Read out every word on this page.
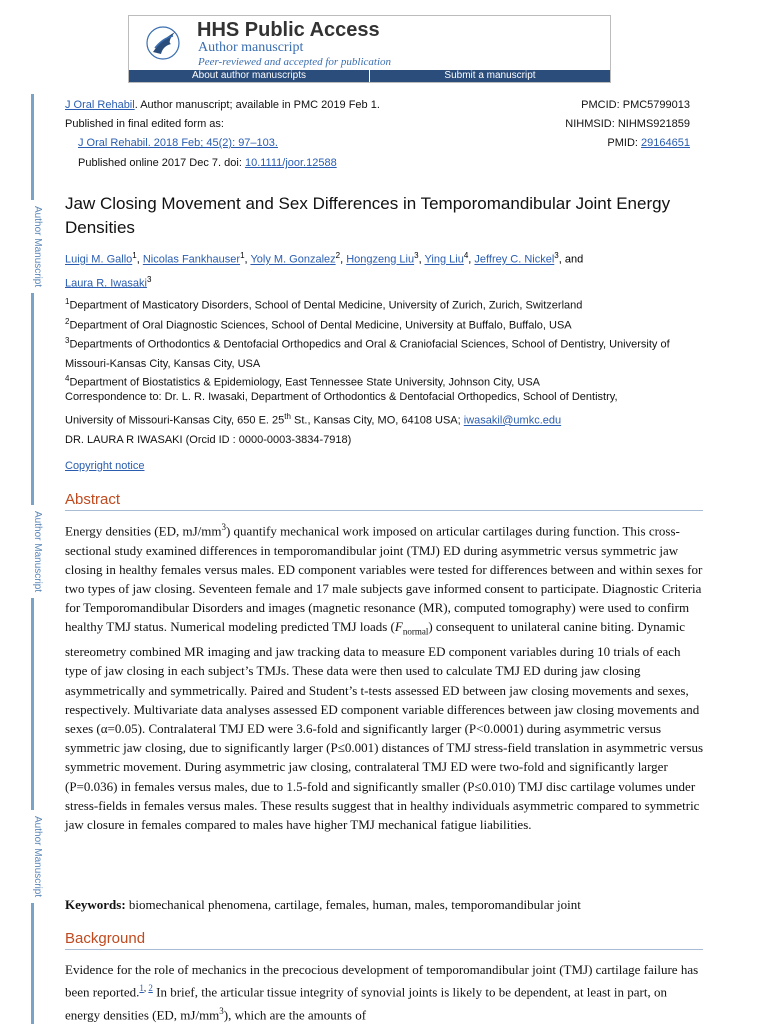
Author Manuscript
Author Manuscript
Author Manuscript
HHS Public Access
Author manuscript
Peer-reviewed and accepted for publication
About author manuscripts	Submit a manuscript
J Oral Rehabil. Author manuscript; available in PMC 2019 Feb 1.
Published in final edited form as:
J Oral Rehabil. 2018 Feb; 45(2): 97–103.
Published online 2017 Dec 7. doi: 10.1111/joor.12588
PMCID: PMC5799013
NIHMSID: NIHMS921859
PMID: 29164651
Jaw Closing Movement and Sex Differences in Temporomandibular Joint Energy Densities
Luigi M. Gallo$^1$, Nicolas Fankhauser$^1$, Yoly M. Gonzalez$^2$, Hongzeng Liu$^3$, Ying Liu$^4$, Jeffrey C. Nickel$^3$, and
Laura R. Iwasaki$^3$
$^1$Department of Masticatory Disorders, School of Dental Medicine, University of Zurich, Zurich, Switzerland
$^2$Department of Oral Diagnostic Sciences, School of Dental Medicine, University at Buffalo, Buffalo, USA
$^3$Departments of Orthodontics & Dentofacial Orthopedics and Oral & Craniofacial Sciences, School of Dentistry, University of Missouri-Kansas City, Kansas City, USA
$^4$Department of Biostatistics & Epidemiology, East Tennessee State University, Johnson City, USA
Correspondence to: Dr. L. R. Iwasaki, Department of Orthodontics & Dentofacial Orthopedics, School of Dentistry,
University of Missouri-Kansas City, 650 E. 25th St., Kansas City, MO, 64108 USA; iwasakil@umkc.edu
DR. LAURA R IWASAKI (Orcid ID : 0000-0003-3834-7918)
Copyright notice
Abstract
Energy densities (ED, $mJ/mm^3$) quantify mechanical work imposed on articular cartilages during function. This cross-sectional study examined differences in temporomandibular joint (TMJ) ED during asymmetric versus symmetric jaw closing in healthy females versus males. ED component variables were tested for differences between and within sexes for two types of jaw closing. Seventeen female and 17 male subjects gave informed consent to participate. Diagnostic Criteria for Temporomandibular Disorders and images (magnetic resonance (MR), computed tomography) were used to confirm healthy TMJ status. Numerical modeling predicted TMJ loads $(F_{normal})$ consequent to unilateral canine biting. Dynamic stereometry combined MR imaging and jaw tracking data to measure ED component variables during 10 trials of each type of jaw closing in each subject’s TMJs. These data were then used to calculate TMJ ED during jaw closing asymmetrically and symmetrically. Paired and Student’s t-tests assessed ED between jaw closing movements and sexes, respectively. Multivariate data analyses assessed ED component variable differences between jaw closing movements and sexes (α=0.05). Contralateral TMJ ED were 3.6-fold and significantly larger (P<0.0001) during asymmetric versus symmetric jaw closing, due to significantly larger (P≤0.001) distances of TMJ stress-field translation in asymmetric versus symmetric movement. During asymmetric jaw closing, contralateral TMJ ED were two-fold and significantly larger (P=0.036) in females versus males, due to 1.5-fold and significantly smaller (P≤0.010) TMJ disc cartilage volumes under stress-fields in females versus males. These results suggest that in healthy individuals asymmetric compared to symmetric jaw closure in females compared to males have higher TMJ mechanical fatigue liabilities.
Keywords: biomechanical phenomena, cartilage, females, human, males, temporomandibular joint
Background
Evidence for the role of mechanics in the precocious development of temporomandibular joint (TMJ) cartilage failure has been reported.$^{1, 2}$ In brief, the articular tissue integrity of synovial joints is likely to be dependent, at least in part, on energy densities (ED, $mJ/mm^3$), which are the amounts of
